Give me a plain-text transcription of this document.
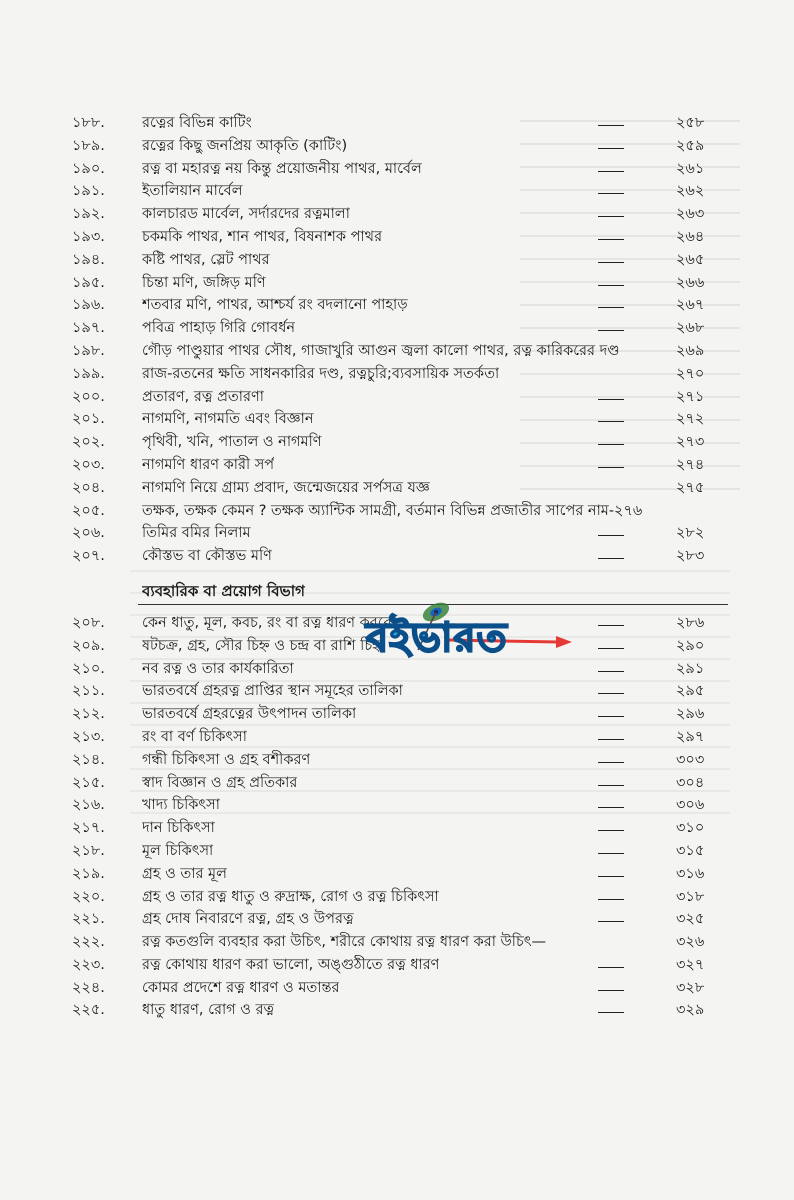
১৮৮.	রত্নের বিভিন্ন কাটিং	২৫৮
১৮৯.	রত্নের কিছু জনপ্রিয় আকৃতি (কাটিং)	২৫৯
১৯০.	রত্ন বা মহারত্ন নয় কিন্তু প্রয়োজনীয় পাথর, মার্বেল	২৬১
১৯১.	ইতালিয়ান মার্বেল	২৬২
১৯২.	কালচারড মার্বেল, সর্দারদের রত্নমালা	২৬৩
১৯৩.	চকমকি পাথর, শান পাথর, বিষনাশক পাথর	২৬৪
১৯৪.	কষ্টি পাথর, স্লেট পাথর	২৬৫
১৯৫.	চিন্তা মণি, জঙ্গিড় মণি	২৬৬
১৯৬.	শতবার মণি, পাথর, আশ্চর্য রং বদলানো পাহাড়	২৬৭
১৯৭.	পবিত্র পাহাড় গিরি গোবর্ধন	২৬৮
১৯৮.	গৌড় পাণ্ডুয়ার পাথর সৌধ, গাজাখুরি আগুন জ্বলা কালো পাথর, রত্ন কারিকরের দণ্ড	২৬৯
১৯৯.	রাজ-রতনের ক্ষতি সাধনকারির দণ্ড, রত্নচুরি;ব্যবসায়িক সতর্কতা	২৭০
২০০.	প্রতারণ, রত্ন প্রতারণা	২৭১
২০১.	নাগমণি, নাগমতি এবং বিজ্ঞান	২৭২
২০২.	পৃথিবী, খনি, পাতাল ও নাগমণি	২৭৩
২০৩.	নাগমণি ধারণ কারী সর্প	২৭৪
২০৪.	নাগমণি নিয়ে গ্রাম্য প্রবাদ, জন্মেজয়ের সর্পসত্র যজ্ঞ	২৭৫
২০৫.	তক্ষক, তক্ষক কেমন ? তক্ষক অ্যান্টিক সামগ্রী, বর্তমান বিভিন্ন প্রজাতীর সাপের নাম-২৭৬
২০৬.	তিমির বমির নিলাম	২৮২
২০৭.	কৌস্তভ বা কৌস্তভ মণি	২৮৩
ব্যবহারিক বা প্রয়োগ বিভাগ
২০৮.	কেন ধাতু, মূল, কবচ, রং বা রত্ন ধারণ করবো	২৮৬
২০৯.	ষটচক্র, গ্রহ, সৌর চিহ্ন ও চন্দ্র বা রাশি চিহ্ন	২৯০
২১০.	নব রত্ন ও তার কার্যকারিতা	২৯১
২১১.	ভারতবর্ষে গ্রহরত্ন প্রাপ্তির স্থান সমূহের তালিকা	২৯৫
২১২.	ভারতবর্ষে গ্রহরত্নের উৎপাদন তালিকা	২৯৬
২১৩.	রং বা বর্ণ চিকিৎসা	২৯৭
২১৪.	গন্ধী চিকিৎসা ও গ্রহ বশীকরণ	৩০৩
২১৫.	স্বাদ বিজ্ঞান ও গ্রহ প্রতিকার	৩০৪
২১৬.	খাদ্য চিকিৎসা	৩০৬
২১৭.	দান চিকিৎসা	৩১০
২১৮.	মূল চিকিৎসা	৩১৫
২১৯.	গ্রহ ও তার মূল	৩১৬
২২০.	গ্রহ ও তার রত্ন ধাতু ও রুদ্রাক্ষ, রোগ ও রত্ন চিকিৎসা	৩১৮
২২১.	গ্রহ দোষ নিবারণে রত্ন, গ্রহ ও উপরত্ন	৩২৫
২২২.	রত্ন কতগুলি ব্যবহার করা উচিৎ, শরীরে কোথায় রত্ন ধারণ করা উচিৎ—	৩২৬
২২৩.	রত্ন কোথায় ধারণ করা ভালো, অঙ্গুঠীতে রত্ন ধারণ	৩২৭
২২৪.	কোমর প্রদেশে রত্ন ধারণ ও মতান্তর	৩২৮
২২৫.	ধাতু ধারণ, রোগ ও রত্ন	৩২৯
বইভারত
